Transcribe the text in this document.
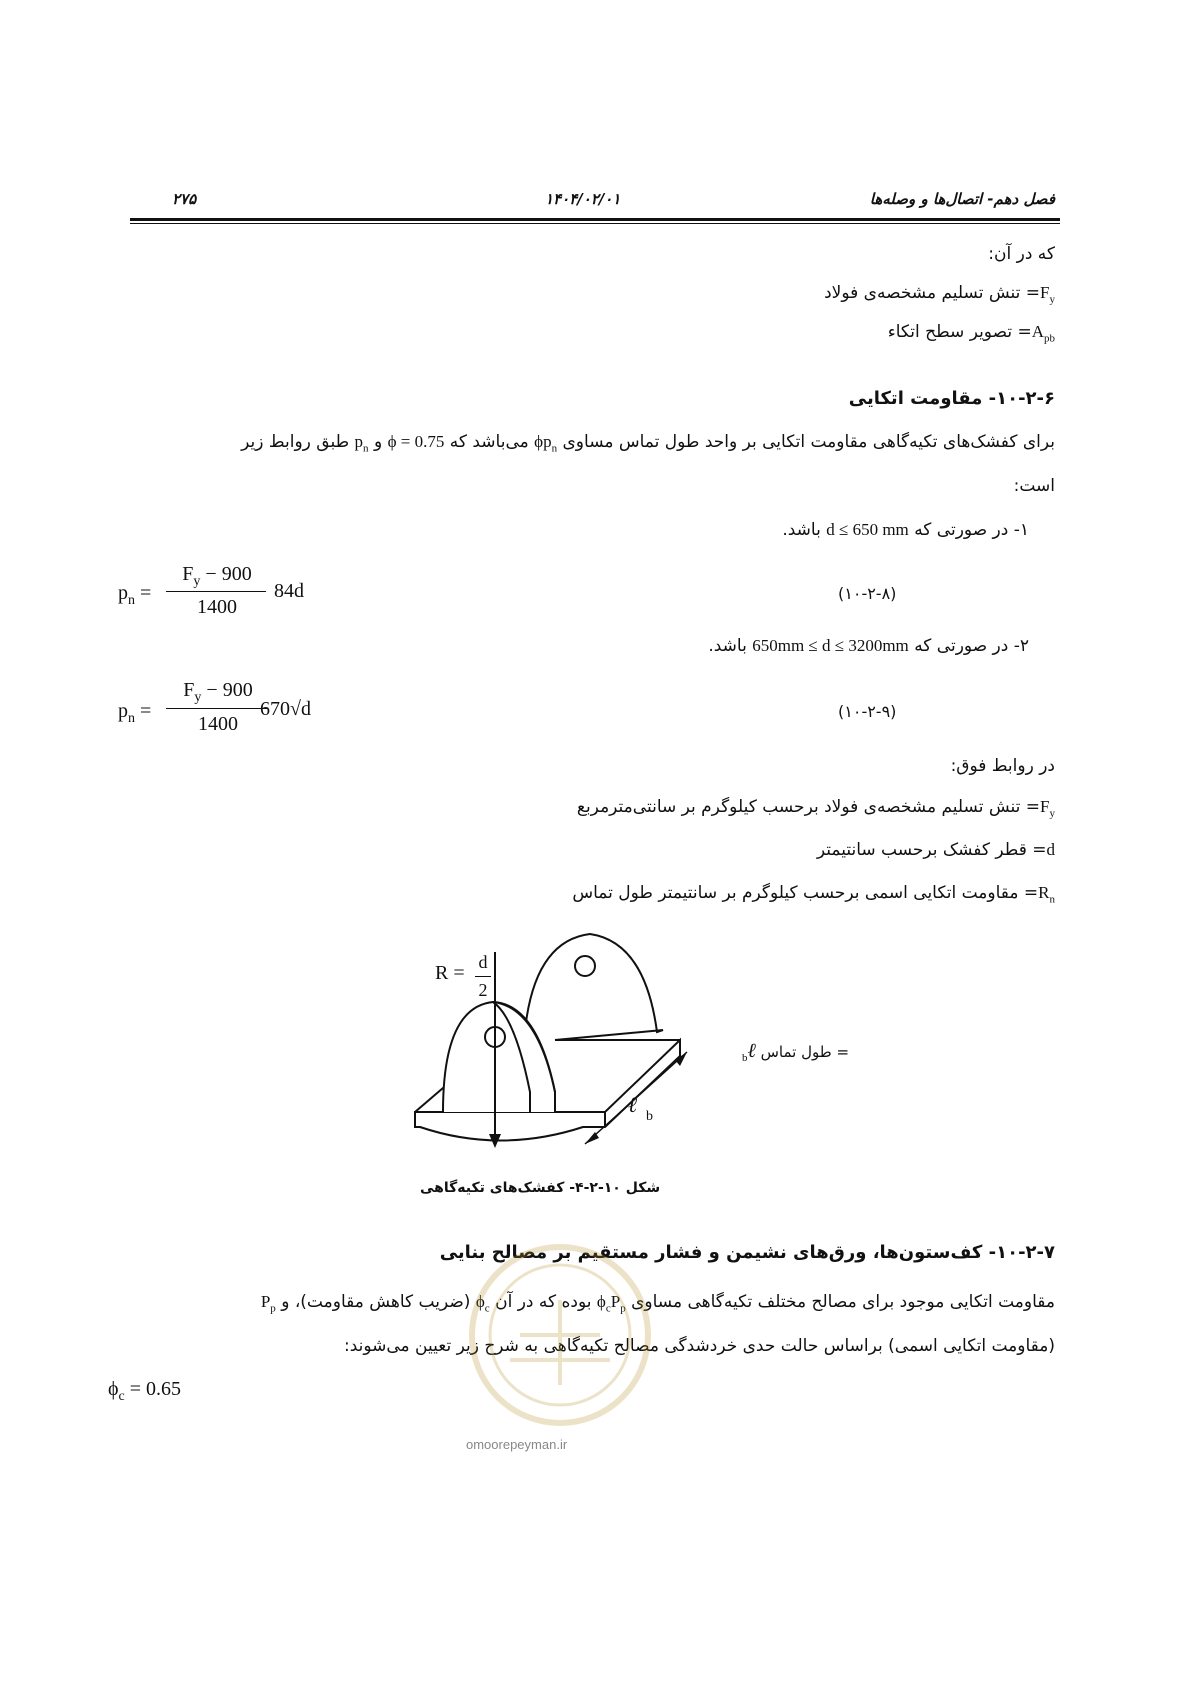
فصل دهم- اتصال‌ها و وصله‌ها
۱۴۰۴/۰۲/۰۱
۲۷۵
که در آن:
$F_y=$ تنش تسلیم مشخصه‌ی فولاد
$A_{pb}=$ تصویر سطح اتکاء
۱۰-۲-۶- مقاومت اتکایی
برای کفشک‌های تکیه‌گاهی مقاومت اتکایی بر واحد طول تماس مساوی $\phi p_n$ می‌باشد که ϕ = 0.75 و $p_n$ طبق روابط زیر
است:
۱- در صورتی که d ≤ 650 mm باشد.
$p_n$ =
$F_y - 900$
1400
84d	(۱۰-۲-۸)
۲- در صورتی که 650mm ≤ d ≤ 3200mm باشد.
$p_n$ =
$F_y - 900$
1400
670√d	(۱۰-۲-۹)
در روابط فوق:
$F_y=$ تنش تسلیم مشخصه‌ی فولاد برحسب کیلوگرم بر سانتی‌مترمربع
d= قطر کفشک برحسب سانتیمتر
$R_n=$ مقاومت اتکایی اسمی برحسب کیلوگرم بر سانتیمتر طول تماس
ℓ b
R = d
2
= طول تماس ℓ$_b$
شکل ۱۰-۲-۴- کفشک‌های تکیه‌گاهی
۱۰-۲-۷- کف‌ستون‌ها، ورق‌های نشیمن و فشار مستقیم بر مصالح بنایی
مقاومت اتکایی موجود برای مصالح مختلف تکیه‌گاهی مساوی $\phi_cP_p$ بوده که در آن $\phi_c$ (ضریب کاهش مقاومت)، و $P_p$
(مقاومت اتکایی اسمی) براساس حالت حدی خردشدگی مصالح تکیه‌گاهی به شرح زیر تعیین می‌شوند:
$\phi_c = 0.65$
omoorepeyman.ir
